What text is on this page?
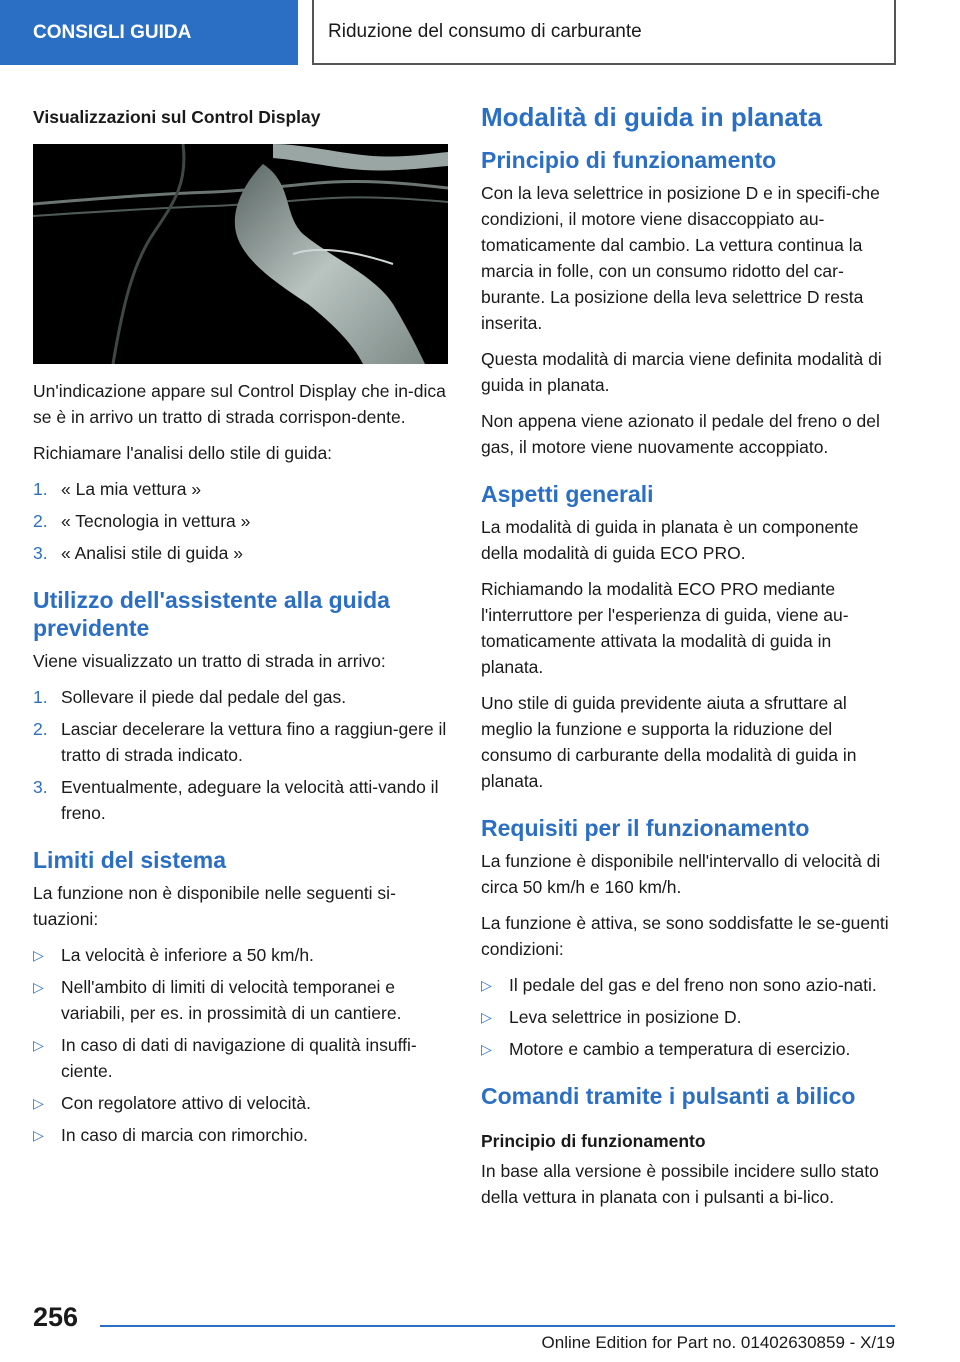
CONSIGLI GUIDA	Riduzione del consumo di carburante
Visualizzazioni sul Control Display

Un'indicazione appare sul Control Display che in-dica se è in arrivo un tratto di strada corrispon-dente.

Richiamare l'analisi dello stile di guida:

1. « La mia vettura »
2. « Tecnologia in vettura »
3. « Analisi stile di guida »
Utilizzo dell'assistente alla guida previdente

Viene visualizzato un tratto di strada in arrivo:

1. Sollevare il piede dal pedale del gas.
2. Lasciar decelerare la vettura fino a raggiun-gere il tratto di strada indicato.
3. Eventualmente, adeguare la velocità atti-vando il freno.
Limiti del sistema

La funzione non è disponibile nelle seguenti si-tuazioni:

▷ La velocità è inferiore a 50 km/h.
▷ Nell'ambito di limiti di velocità temporanei e variabili, per es. in prossimità di un cantiere.
▷ In caso di dati di navigazione di qualità insuffi-ciente.
▷ Con regolatore attivo di velocità.
▷ In caso di marcia con rimorchio.
Modalità di guida in planata
Principio di funzionamento

Con la leva selettrice in posizione D e in specifi-che condizioni, il motore viene disaccoppiato au-tomaticamente dal cambio. La vettura continua la marcia in folle, con un consumo ridotto del car-burante. La posizione della leva selettrice D resta inserita.

Questa modalità di marcia viene definita modalità di guida in planata.

Non appena viene azionato il pedale del freno o del gas, il motore viene nuovamente accoppiato.

Aspetti generali

La modalità di guida in planata è un componente della modalità di guida ECO PRO.

Richiamando la modalità ECO PRO mediante l'interruttore per l'esperienza di guida, viene au-tomaticamente attivata la modalità di guida in planata.

Uno stile di guida previdente aiuta a sfruttare al meglio la funzione e supporta la riduzione del consumo di carburante della modalità di guida in planata.

Requisiti per il funzionamento

La funzione è disponibile nell'intervallo di velocità di circa 50 km/h e 160 km/h.

La funzione è attiva, se sono soddisfatte le se-guenti condizioni:

▷ Il pedale del gas e del freno non sono azio-nati.
▷ Leva selettrice in posizione D.
▷ Motore e cambio a temperatura di esercizio.
Comandi tramite i pulsanti a bilico
Principio di funzionamento

In base alla versione è possibile incidere sullo stato della vettura in planata con i pulsanti a bi-lico.

256
Online Edition for Part no. 01402630859 - X/19
